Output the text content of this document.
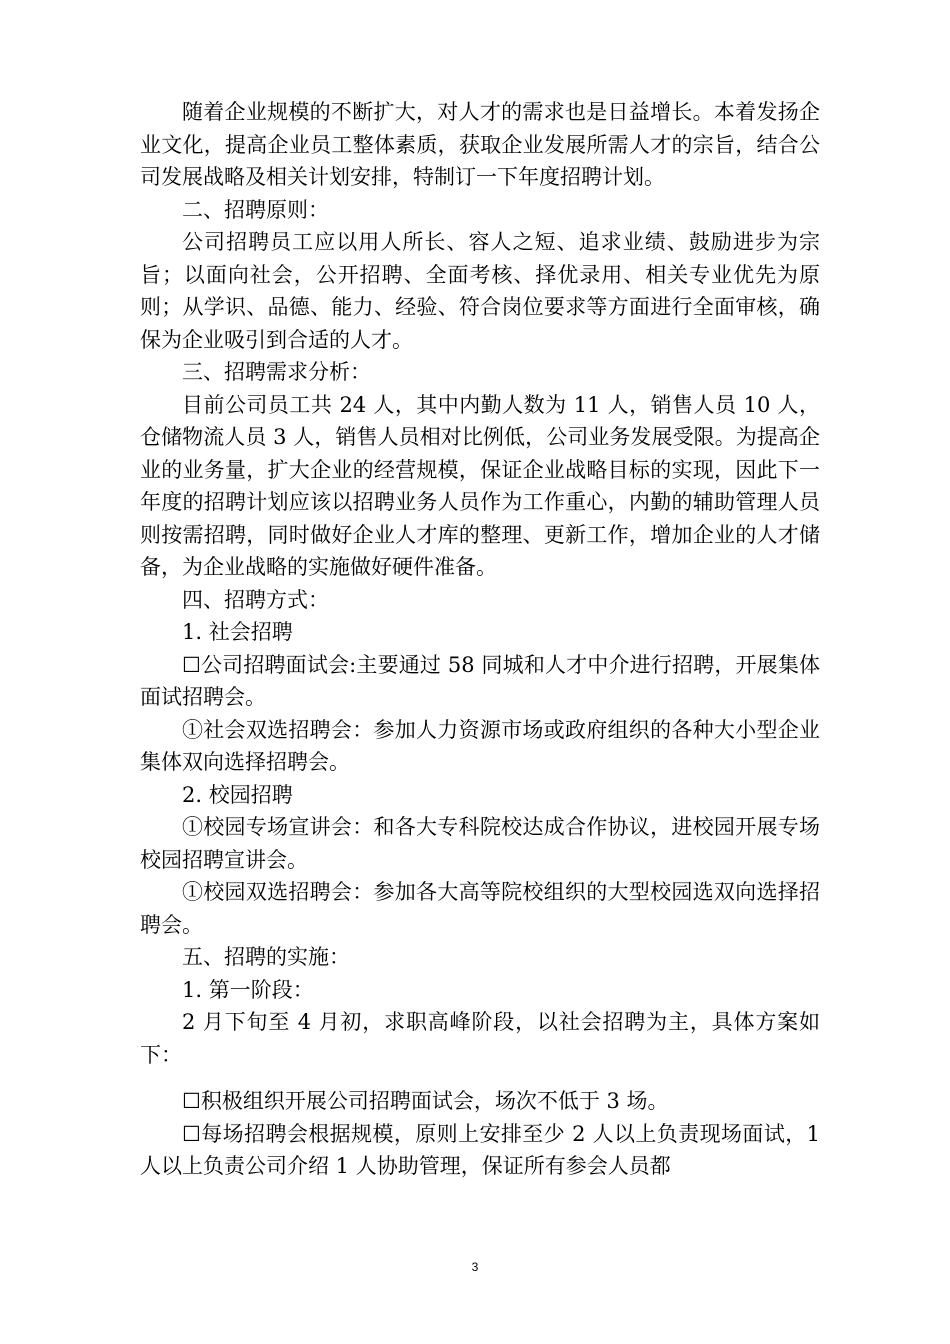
随着企业规模的不断扩大，对人才的需求也是日益增长。本着发扬企业文化，提高企业员工整体素质，获取企业发展所需人才的宗旨，结合公司发展战略及相关计划安排，特制订一下年度招聘计划。

二、招聘原则：

公司招聘员工应以用人所长、容人之短、追求业绩、鼓励进步为宗旨；以面向社会，公开招聘、全面考核、择优录用、相关专业优先为原则；从学识、品德、能力、经验、符合岗位要求等方面进行全面审核，确保为企业吸引到合适的人才。

三、招聘需求分析：

目前公司员工共 24 人，其中内勤人数为 11 人，销售人员 10 人，仓储物流人员 3 人，销售人员相对比例低，公司业务发展受限。为提高企业的业务量，扩大企业的经营规模，保证企业战略目标的实现，因此下一年度的招聘计划应该以招聘业务人员作为工作重心，内勤的辅助管理人员则按需招聘，同时做好企业人才库的整理、更新工作，增加企业的人才储备，为企业战略的实施做好硬件准备。

四、招聘方式：

1. 社会招聘

☐公司招聘面试会:主要通过 58 同城和人才中介进行招聘，开展集体面试招聘会。

①社会双选招聘会：参加人力资源市场或政府组织的各种大小型企业集体双向选择招聘会。

2. 校园招聘

①校园专场宣讲会：和各大专科院校达成合作协议，进校园开展专场校园招聘宣讲会。

①校园双选招聘会：参加各大高等院校组织的大型校园选双向选择招聘会。

五、招聘的实施：

1. 第一阶段：

2 月下旬至 4 月初，求职高峰阶段，以社会招聘为主，具体方案如下：

☐积极组织开展公司招聘面试会，场次不低于 3 场。

☐每场招聘会根据规模，原则上安排至少 2 人以上负责现场面试，1 人以上负责公司介绍 1 人协助管理，保证所有参会人员都

3
